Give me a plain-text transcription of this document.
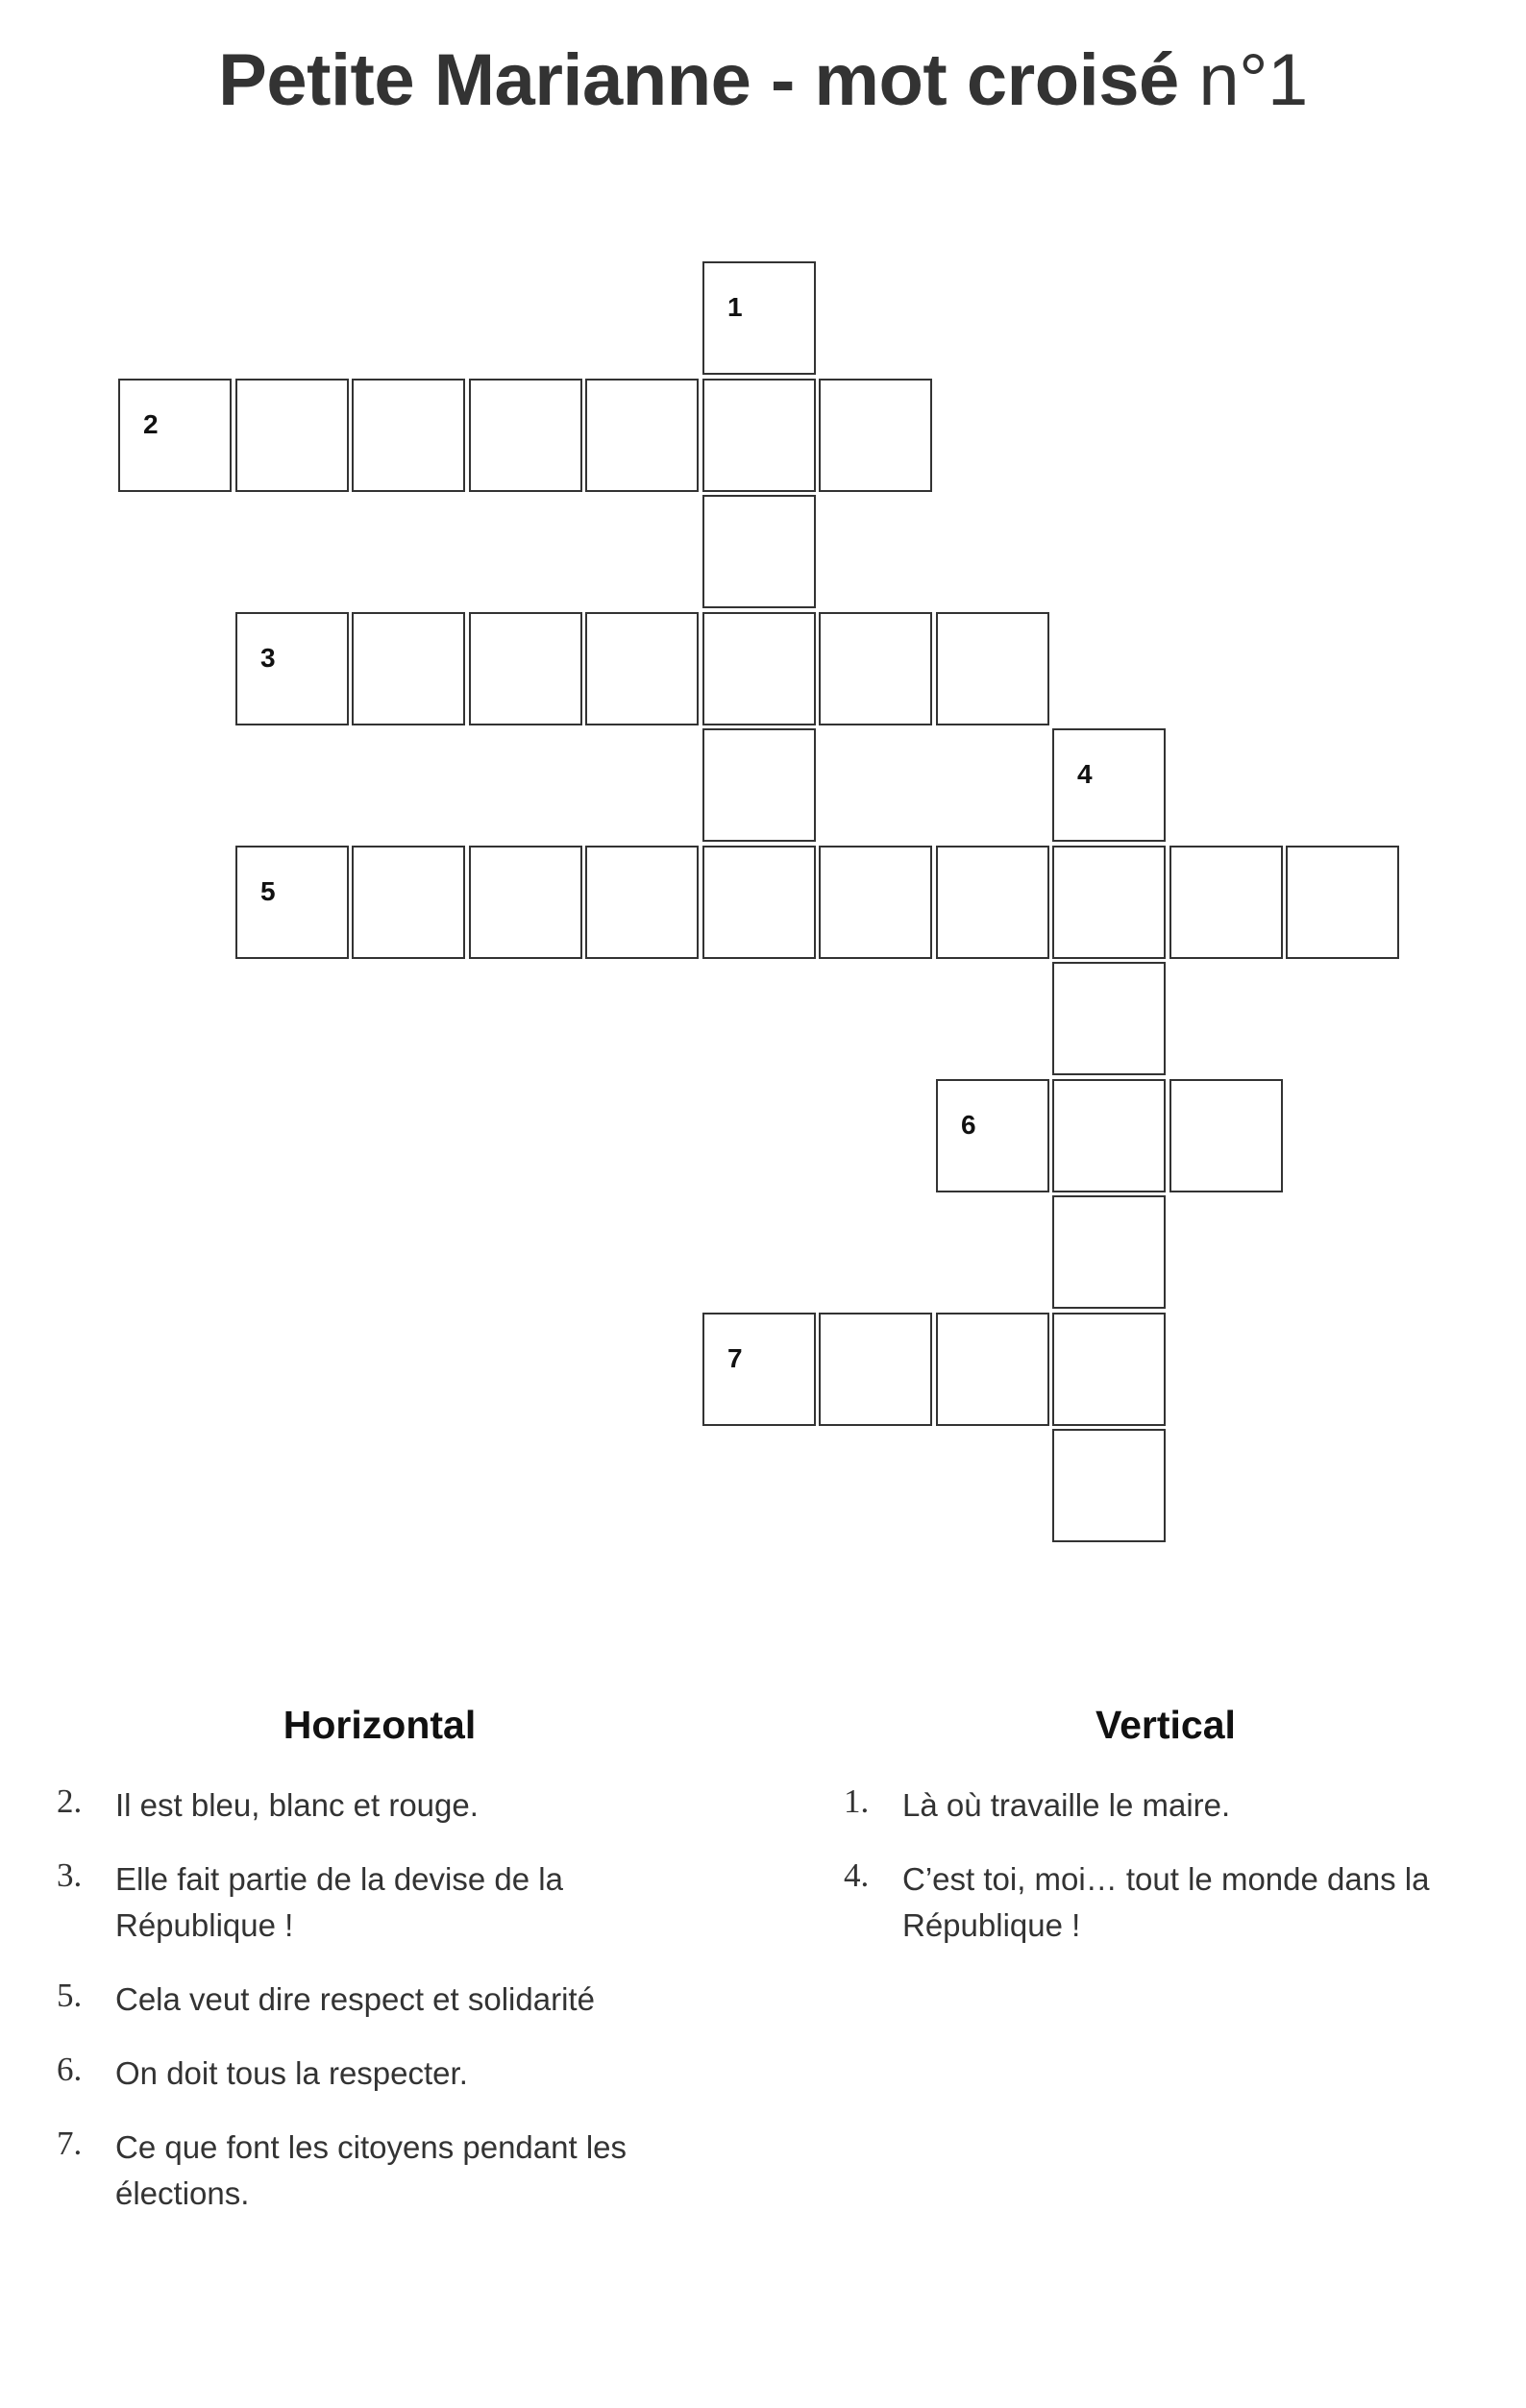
Petite Marianne - mot croisé n°1
1
2
3
4
5
6
7
Horizontal
2. Il est bleu, blanc et rouge.
3. Elle fait partie de la devise de la République !
5. Cela veut dire respect et solidarité
6. On doit tous la respecter.
7. Ce que font les citoyens pendant les élections.
Vertical
1. Là où travaille le maire.
4. C’est toi, moi… tout le monde dans la République !
